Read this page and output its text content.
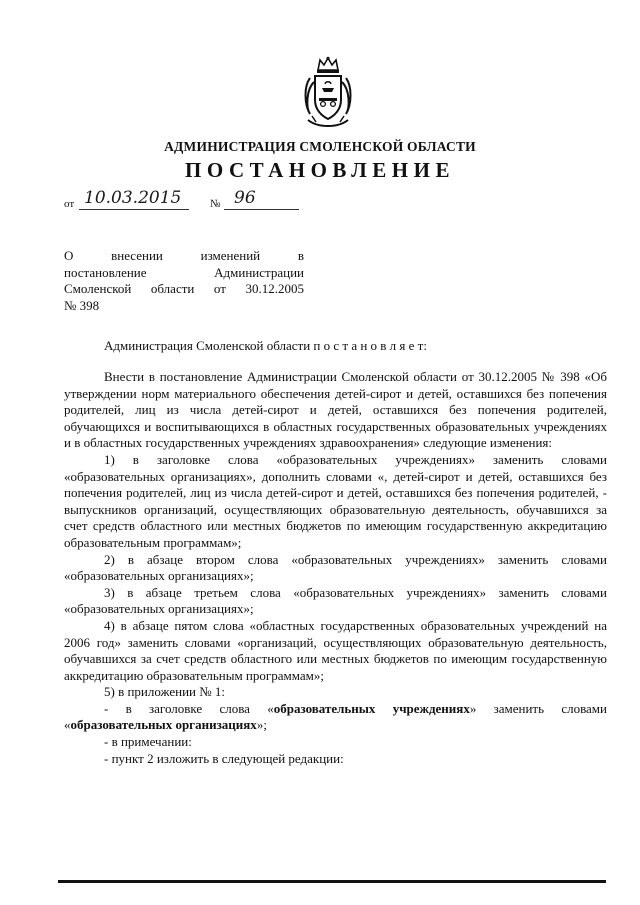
АДМИНИСТРАЦИЯ СМОЛЕНСКОЙ ОБЛАСТИ
ПОСТАНОВЛЕНИЕ
от 10.03.2015	№ 96
О внесении изменений в
постановление Администрации
Смоленской области от 30.12.2005
№ 398
Администрация Смоленской области п о с т а н о в л я е т:

Внести в постановление Администрации Смоленской области от 30.12.2005 № 398 «Об утверждении норм материального обеспечения детей-сирот и детей, оставшихся без попечения родителей, лиц из числа детей-сирот и детей, оставшихся без попечения родителей, обучающихся и воспитывающихся в областных государственных образовательных учреждениях и в областных государственных учреждениях здравоохранения» следующие изменения:

1) в заголовке слова «образовательных учреждениях» заменить словами «образовательных организациях», дополнить словами «, детей-сирот и детей, оставшихся без попечения родителей, лиц из числа детей-сирот и детей, оставшихся без попечения родителей, - выпускников организаций, осуществляющих образовательную деятельность, обучавшихся за счет средств областного или местных бюджетов по имеющим государственную аккредитацию образовательным программам»;

2) в абзаце втором слова «образовательных учреждениях» заменить словами «образовательных организациях»;

3) в абзаце третьем слова «образовательных учреждениях» заменить словами «образовательных организациях»;

4) в абзаце пятом слова «областных государственных образовательных учреждений на 2006 год» заменить словами «организаций, осуществляющих образовательную деятельность, обучавшихся за счет средств областного или местных бюджетов по имеющим государственную аккредитацию образовательным программам»;

5) в приложении № 1:

- в заголовке слова «образовательных учреждениях» заменить словами «образовательных организациях»;

- в примечании:

- пункт 2 изложить в следующей редакции:
